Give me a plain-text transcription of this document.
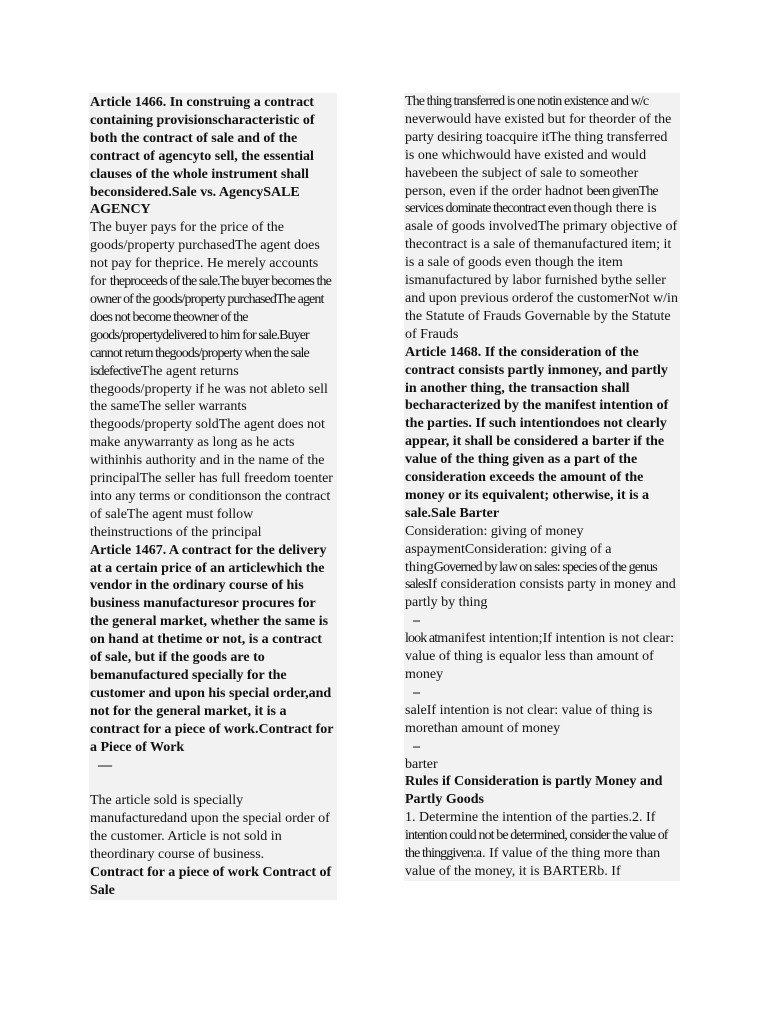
Article 1466. In construing a contract containing provisionscharacteristic of both the contract of sale and of the contract of agencyto sell, the essential clauses of the whole instrument shall beconsidered.Sale vs. AgencySALE AGENCY

The buyer pays for the price of the goods/property purchasedThe agent does not pay for theprice. He merely accounts for theproceeds of the sale.The buyer becomes the owner of the goods/property purchasedThe agent does not become theowner of the goods/propertydelivered to him for sale.Buyer cannot return thegoods/property when the sale isdefectiveThe agent returns thegoods/property if he was not ableto sell the sameThe seller warrants thegoods/property soldThe agent does not make anywarranty as long as he acts withinhis authority and in the name of the principalThe seller has full freedom toenter into any terms or conditionson the contract of saleThe agent must follow theinstructions of the principal

Article 1467. A contract for the delivery at a certain price of an articlewhich the vendor in the ordinary course of his business manufacturesor procures for the general market, whether the same is on hand at thetime or not, is a contract of sale, but if the goods are to bemanufactured specially for the customer and upon his special order,and not for the general market, it is a contract for a piece of work.Contract for a Piece of Work

—

The article sold is specially manufacturedand upon the special order of the customer. Article is not sold in theordinary course of business.

Contract for a piece of work Contract of Sale

The thing transferred is one notin existence and w/c neverwould have existed but for theorder of the party desiring toacquire itThe thing transferred is one whichwould have existed and would havebeen the subject of sale to someother person, even if the order hadnot been givenThe services dominate thecontract even though there is asale of goods involvedThe primary objective of thecontract is a sale of themanufactured item; it is a sale of goods even though the item ismanufactured by labor furnished bythe seller and upon previous orderof the customerNot w/in the Statute of Frauds Governable by the Statute of Frauds

Article 1468. If the consideration of the contract consists partly inmoney, and partly in another thing, the transaction shall becharacterized by the manifest intention of the parties. If such intentiondoes not clearly appear, it shall be considered a barter if the value of the thing given as a part of the consideration exceeds the amount of the money or its equivalent; otherwise, it is a sale.Sale Barter

Consideration: giving of money aspaymentConsideration: giving of a thingGoverned by law on sales: species of the genus salesIf consideration consists party in money and partly by thing

–

look atmanifest intention;If intention is not clear: value of thing is equalor less than amount of money

–

saleIf intention is not clear: value of thing is morethan amount of money

–

barter

Rules if Consideration is partly Money and Partly Goods

1. Determine the intention of the parties.2. If intention could not be determined, consider the value of the thinggiven:a. If value of the thing more than value of the money, it is BARTERb. If
